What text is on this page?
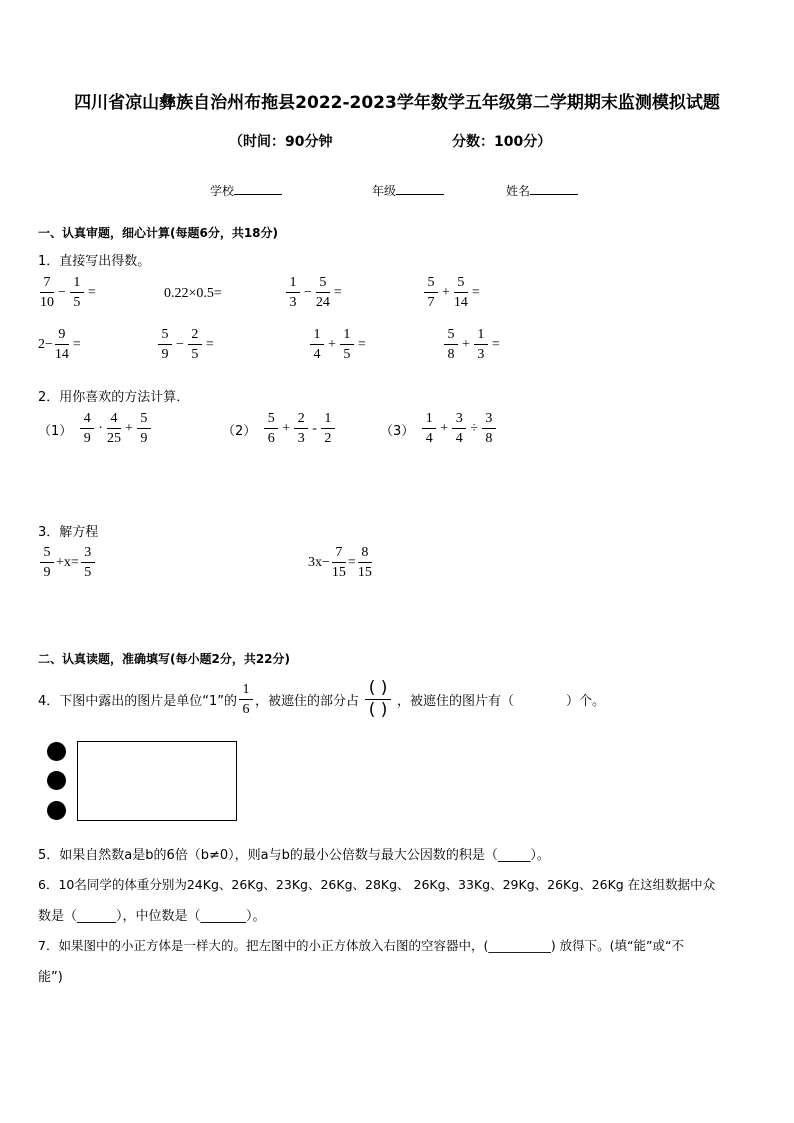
四川省凉山彝族自治州布拖县2022-2023学年数学五年级第二学期期末监测模拟试题
（时间：90分钟	分数：100分）
学校	年级	姓名
一、认真审题，细心计算(每题6分，共18分)
1．直接写出得数。
$\frac{7}{10} - \frac{1}{5}$ =	0.22×0.5=	$\frac{1}{3} - \frac{5}{24}$ =	$\frac{5}{7} + \frac{5}{14}$ =
$2- \frac{9}{14}$ =	$\frac{5}{9} - \frac{2}{5}$ =	$\frac{1}{4} + \frac{1}{5}$ =	$\frac{5}{8} + \frac{1}{3}$ =
2．用你喜欢的方法计算．
$(1) \frac{4}{9} \cdot \frac{4}{25} + \frac{5}{9}$	$(2) \frac{5}{6} + \frac{2}{3} - \frac{1}{2}$	$(3) \frac{1}{4} + \frac{3}{4} \div \frac{3}{8}$
3．解方程
$\frac{5}{9} +x= \frac{3}{5}$	$3x- \frac{7}{15} = \frac{8}{15}$
二、认真读题，准确填写(每小题2分，共22分)
4．下图中露出的图片是单位“1”的 $\frac{1}{6}$ ，被遮住的部分占 $\frac{( )}{( )}$ ，被遮住的图片有（　　　　）个。
5．如果自然数a是b的6倍（b≠0），则a与b的最小公倍数与最大公因数的积是（_____）。
6．10名同学的体重分别为24Kg、26Kg、23Kg、26Kg、28Kg、 26Kg、33Kg、29Kg、26Kg、26Kg 在这组数据中众
数是（______），中位数是（_______）。
7．如果图中的小正方体是一样大的。把左图中的小正方体放入右图的空容器中，(__________) 放得下。(填“能”或“不
能”)
